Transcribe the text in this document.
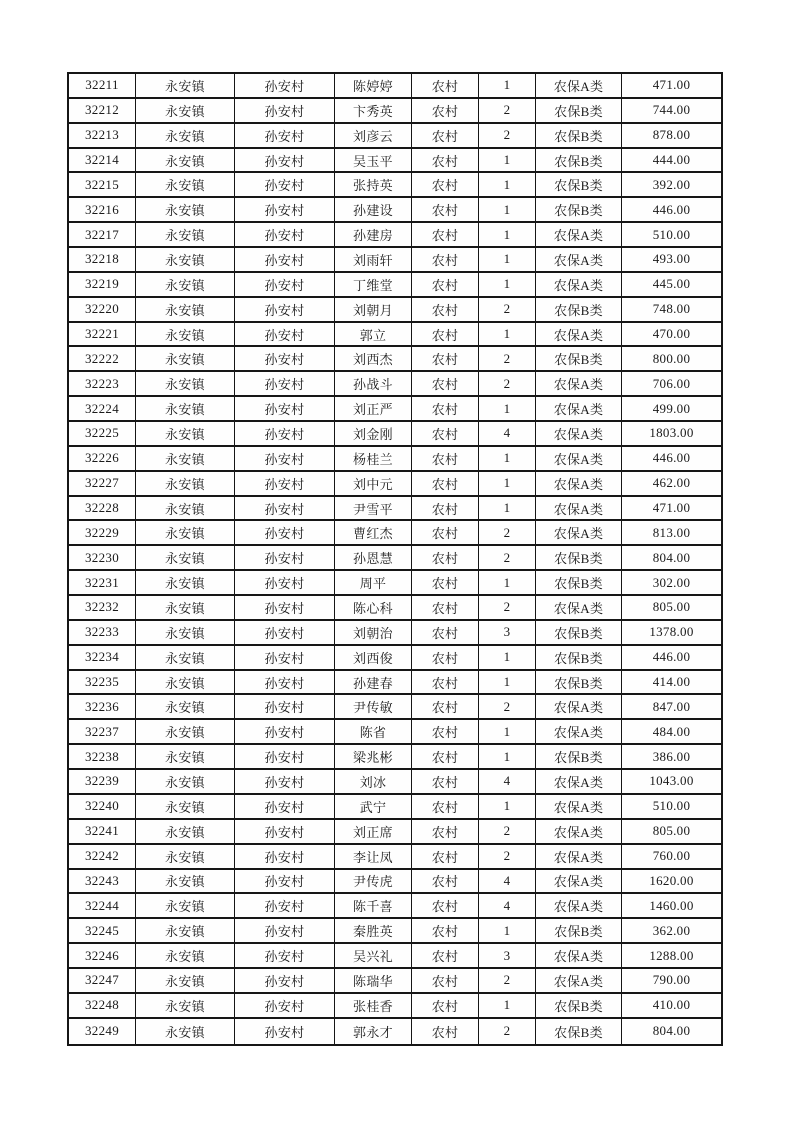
32211	永安镇	孙安村	陈婷婷	农村	1	农保A类	471.00
32212	永安镇	孙安村	卞秀英	农村	2	农保B类	744.00
32213	永安镇	孙安村	刘彦云	农村	2	农保B类	878.00
32214	永安镇	孙安村	吴玉平	农村	1	农保B类	444.00
32215	永安镇	孙安村	张持英	农村	1	农保B类	392.00
32216	永安镇	孙安村	孙建设	农村	1	农保B类	446.00
32217	永安镇	孙安村	孙建房	农村	1	农保A类	510.00
32218	永安镇	孙安村	刘雨轩	农村	1	农保A类	493.00
32219	永安镇	孙安村	丁维堂	农村	1	农保A类	445.00
32220	永安镇	孙安村	刘朝月	农村	2	农保B类	748.00
32221	永安镇	孙安村	郭立	农村	1	农保A类	470.00
32222	永安镇	孙安村	刘西杰	农村	2	农保B类	800.00
32223	永安镇	孙安村	孙战斗	农村	2	农保A类	706.00
32224	永安镇	孙安村	刘正严	农村	1	农保A类	499.00
32225	永安镇	孙安村	刘金刚	农村	4	农保A类	1803.00
32226	永安镇	孙安村	杨桂兰	农村	1	农保A类	446.00
32227	永安镇	孙安村	刘中元	农村	1	农保A类	462.00
32228	永安镇	孙安村	尹雪平	农村	1	农保A类	471.00
32229	永安镇	孙安村	曹红杰	农村	2	农保A类	813.00
32230	永安镇	孙安村	孙恩慧	农村	2	农保B类	804.00
32231	永安镇	孙安村	周平	农村	1	农保B类	302.00
32232	永安镇	孙安村	陈心科	农村	2	农保A类	805.00
32233	永安镇	孙安村	刘朝治	农村	3	农保B类	1378.00
32234	永安镇	孙安村	刘西俊	农村	1	农保B类	446.00
32235	永安镇	孙安村	孙建春	农村	1	农保B类	414.00
32236	永安镇	孙安村	尹传敏	农村	2	农保A类	847.00
32237	永安镇	孙安村	陈省	农村	1	农保A类	484.00
32238	永安镇	孙安村	梁兆彬	农村	1	农保B类	386.00
32239	永安镇	孙安村	刘冰	农村	4	农保A类	1043.00
32240	永安镇	孙安村	武宁	农村	1	农保A类	510.00
32241	永安镇	孙安村	刘正席	农村	2	农保A类	805.00
32242	永安镇	孙安村	李让凤	农村	2	农保A类	760.00
32243	永安镇	孙安村	尹传虎	农村	4	农保A类	1620.00
32244	永安镇	孙安村	陈千喜	农村	4	农保A类	1460.00
32245	永安镇	孙安村	秦胜英	农村	1	农保B类	362.00
32246	永安镇	孙安村	吴兴礼	农村	3	农保A类	1288.00
32247	永安镇	孙安村	陈瑞华	农村	2	农保A类	790.00
32248	永安镇	孙安村	张桂香	农村	1	农保B类	410.00
32249	永安镇	孙安村	郭永才	农村	2	农保B类	804.00
